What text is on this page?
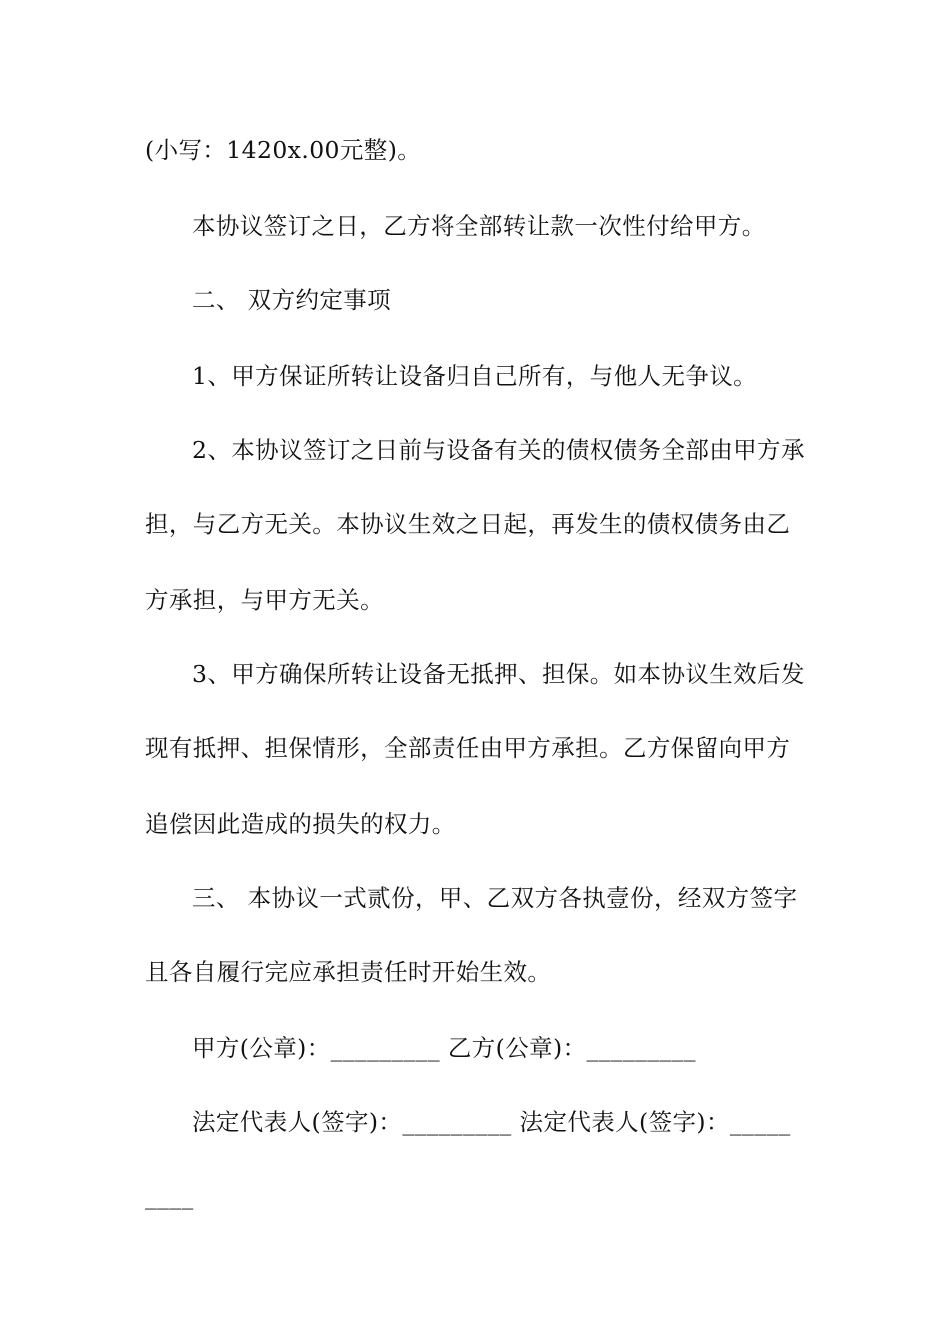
(小写：1420x.00元整)。
本协议签订之日，乙方将全部转让款一次性付给甲方。
二、 双方约定事项
1、甲方保证所转让设备归自己所有，与他人无争议。
2、本协议签订之日前与设备有关的债权债务全部由甲方承
担，与乙方无关。本协议生效之日起，再发生的债权债务由乙
方承担，与甲方无关。
3、甲方确保所转让设备无抵押、担保。如本协议生效后发
现有抵押、担保情形，全部责任由甲方承担。乙方保留向甲方
追偿因此造成的损失的权力。
三、 本协议一式贰份，甲、乙双方各执壹份，经双方签字
且各自履行完应承担责任时开始生效。
甲方(公章)：_________ 乙方(公章)：_________
法定代表人(签字)：_________ 法定代表人(签字)：_____
____
